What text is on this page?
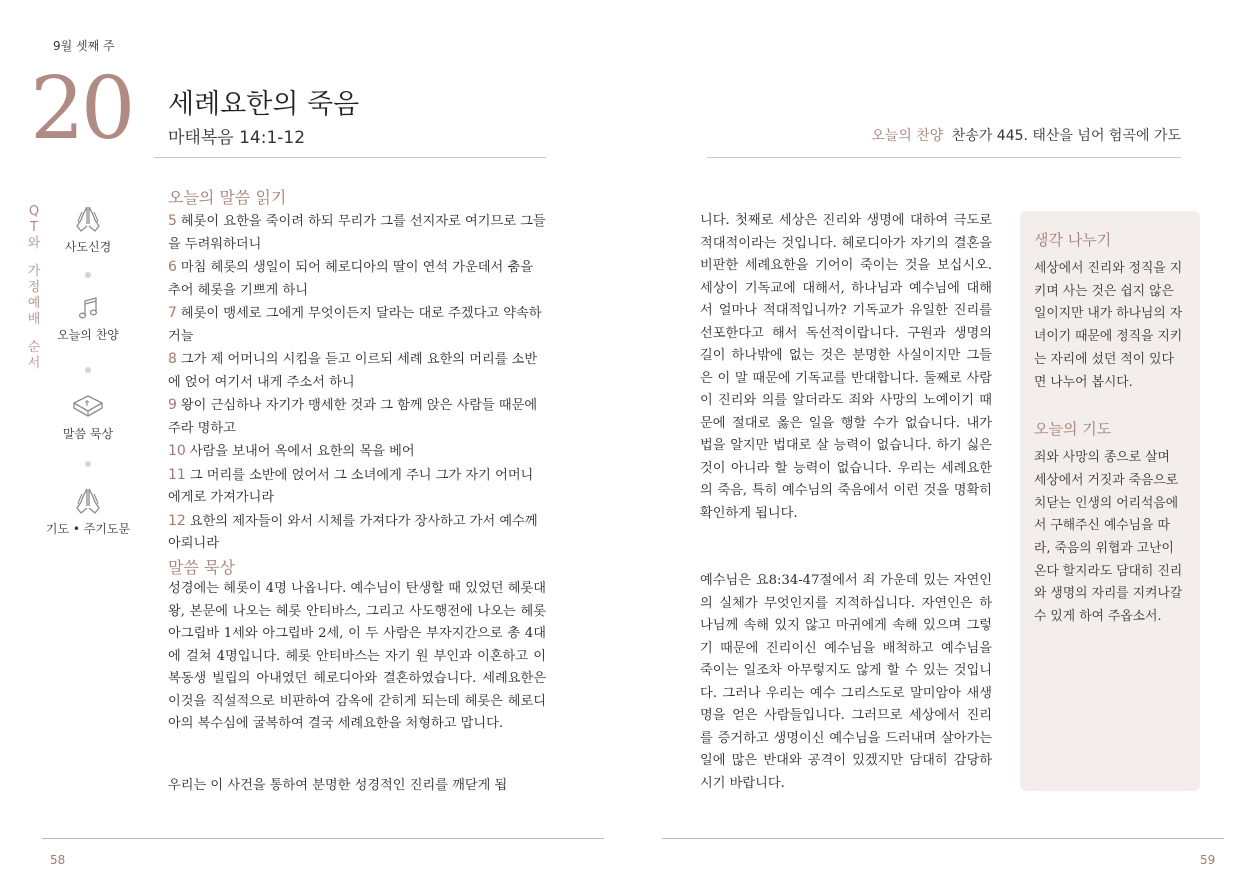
9월 셋째 주
20 세례요한의 죽음
마태복음 14:1-12	오늘의 찬양 찬송가 445. 태산을 넘어 험곡에 가도
Q
T
와
가
정
예
배
순
서
사도신경
오늘의 찬양
말씀 묵상
기도 • 주기도문
오늘의 말씀 읽기
5 헤롯이 요한을 죽이려 하되 무리가 그를 선지자로 여기므로 그들을 두려워하더니
6 마침 헤롯의 생일이 되어 헤로디아의 딸이 연석 가운데서 춤을 추어 헤롯을 기쁘게 하니
7 헤롯이 맹세로 그에게 무엇이든지 달라는 대로 주겠다고 약속하거늘
8 그가 제 어머니의 시킴을 듣고 이르되 세례 요한의 머리를 소반에 얹어 여기서 내게 주소서 하니
9 왕이 근심하나 자기가 맹세한 것과 그 함께 앉은 사람들 때문에 주라 명하고
10 사람을 보내어 옥에서 요한의 목을 베어
11 그 머리를 소반에 얹어서 그 소녀에게 주니 그가 자기 어머니에게로 가져가니라
12 요한의 제자들이 와서 시체를 가져다가 장사하고 가서 예수께 아뢰니라
말씀 묵상
성경에는 헤롯이 4명 나옵니다. 예수님이 탄생할 때 있었던 헤롯대왕, 본문에 나오는 헤롯 안티바스, 그리고 사도행전에 나오는 헤롯 아그립바 1세와 아그립바 2세, 이 두 사람은 부자지간으로 총 4대에 걸쳐 4명입니다. 헤롯 안티바스는 자기 원 부인과 이혼하고 이복동생 빌립의 아내였던 헤로디아와 결혼하였습니다. 세례요한은 이것을 직설적으로 비판하여 감옥에 갇히게 되는데 헤롯은 헤로디아의 복수심에 굴복하여 결국 세례요한을 처형하고 맙니다.
우리는 이 사건을 통하여 분명한 성경적인 진리를 깨닫게 됩
니다. 첫째로 세상은 진리와 생명에 대하여 극도로 적대적이라는 것입니다. 헤로디아가 자기의 결혼을 비판한 세례요한을 기어이 죽이는 것을 보십시오. 세상이 기독교에 대해서, 하나님과 예수님에 대해서 얼마나 적대적입니까? 기독교가 유일한 진리를 선포한다고 해서 독선적이랍니다. 구원과 생명의 길이 하나밖에 없는 것은 분명한 사실이지만 그들은 이 말 때문에 기독교를 반대합니다. 둘째로 사람이 진리와 의를 알더라도 죄와 사망의 노예이기 때문에 절대로 옳은 일을 행할 수가 없습니다. 내가 법을 알지만 법대로 살 능력이 없습니다. 하기 싫은 것이 아니라 할 능력이 없습니다. 우리는 세례요한의 죽음, 특히 예수님의 죽음에서 이런 것을 명확히 확인하게 됩니다.
예수님은 요8:34-47절에서 죄 가운데 있는 자연인의 실체가 무엇인지를 지적하십니다. 자연인은 하나님께 속해 있지 않고 마귀에게 속해 있으며 그렇기 때문에 진리이신 예수님을 배척하고 예수님을 죽이는 일조차 아무렇지도 않게 할 수 있는 것입니다. 그러나 우리는 예수 그리스도로 말미암아 새생명을 얻은 사람들입니다. 그러므로 세상에서 진리를 증거하고 생명이신 예수님을 드러내며 살아가는 일에 많은 반대와 공격이 있겠지만 담대히 감당하시기 바랍니다.
생각 나누기

세상에서 진리와 정직을 지키며 사는 것은 쉽지 않은 일이지만 내가 하나님의 자녀이기 때문에 정직을 지키는 자리에 섰던 적이 있다면 나누어 봅시다.

오늘의 기도

죄와 사망의 종으로 살며 세상에서 거짓과 죽음으로 치닫는 인생의 어리석음에서 구해주신 예수님을 따라, 죽음의 위협과 고난이 온다 할지라도 담대히 진리와 생명의 자리를 지켜나갈 수 있게 하여 주옵소서.

58	59
